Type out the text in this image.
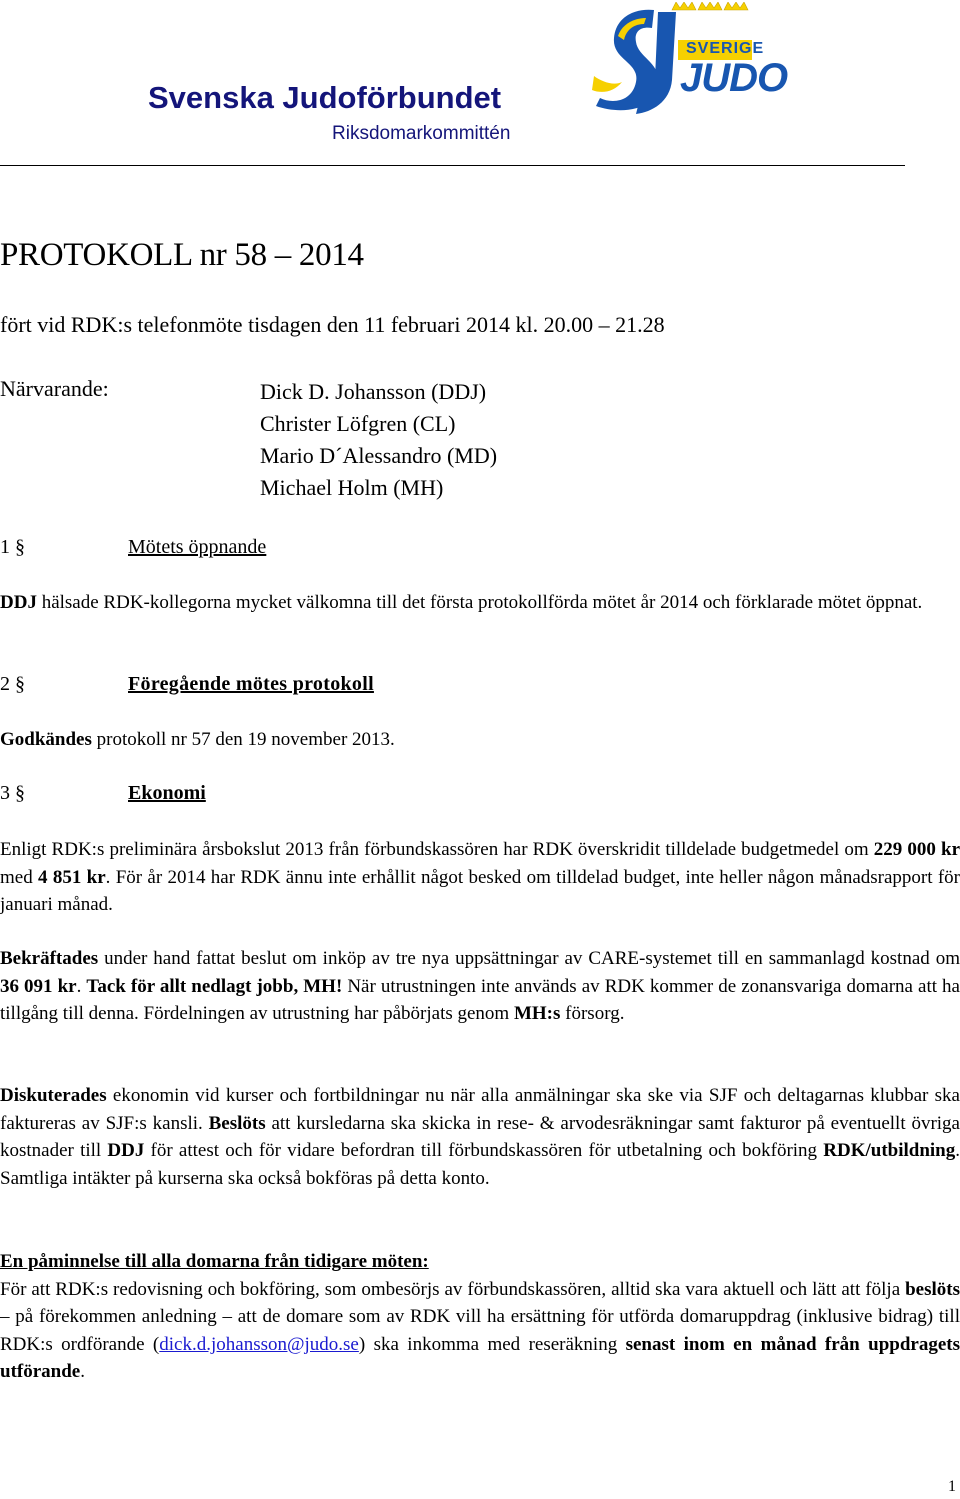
Svenska Judoförbundet
Riksdomarkommittén
SVERIGE
JUDO
PROTOKOLL nr 58 – 2014
fört vid RDK:s telefonmöte tisdagen den 11 februari 2014 kl. 20.00 – 21.28
Närvarande:	Dick D. Johansson (DDJ)
Christer Löfgren (CL)
Mario D´Alessandro (MD)
Michael Holm (MH)
1 §	Mötets öppnande
DDJ hälsade RDK-kollegorna mycket välkomna till det första protokollförda mötet år 2014 och förklarade mötet öppnat.
2 §	Föregående mötes protokoll
Godkändes protokoll nr 57 den 19 november 2013.
3 §	Ekonomi
Enligt RDK:s preliminära årsbokslut 2013 från förbundskassören har RDK överskridit tilldelade budgetmedel om 229 000 kr med 4 851 kr. För år 2014 har RDK ännu inte erhållit något besked om tilldelad budget, inte heller någon månadsrapport för januari månad.
Bekräftades under hand fattat beslut om inköp av tre nya uppsättningar av CARE-systemet till en sammanlagd kostnad om 36 091 kr. Tack för allt nedlagt jobb, MH! När utrustningen inte används av RDK kommer de zonansvariga domarna att ha tillgång till denna. Fördelningen av utrustning har påbörjats genom MH:s försorg.
Diskuterades ekonomin vid kurser och fortbildningar nu när alla anmälningar ska ske via SJF och deltagarnas klubbar ska faktureras av SJF:s kansli. Beslöts att kursledarna ska skicka in rese- & arvodesräkningar samt fakturor på eventuellt övriga kostnader till DDJ för attest och för vidare befordran till förbundskassören för utbetalning och bokföring RDK/utbildning. Samtliga intäkter på kurserna ska också bokföras på detta konto.
En påminnelse till alla domarna från tidigare möten:
För att RDK:s redovisning och bokföring, som ombesörjs av förbundskassören, alltid ska vara aktuell och lätt att följa beslöts – på förekommen anledning – att de domare som av RDK vill ha ersättning för utförda domaruppdrag (inklusive bidrag) till RDK:s ordförande (dick.d.johansson@judo.se) ska inkomma med reseräkning senast inom en månad från uppdragets utförande.
1
